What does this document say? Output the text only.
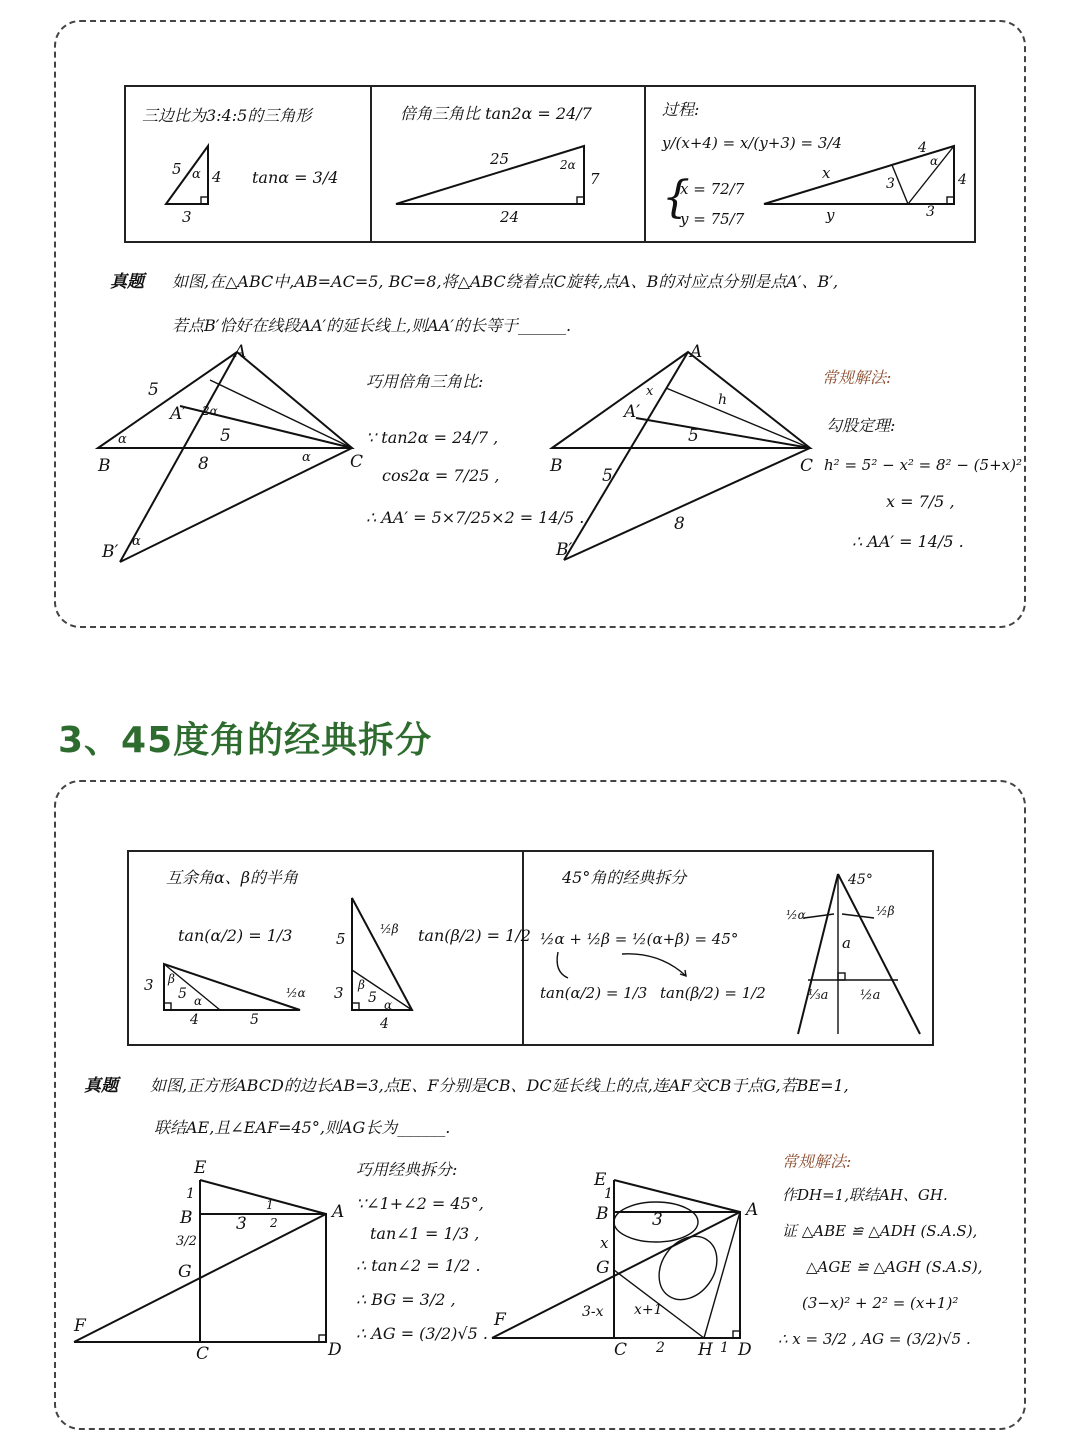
三边比为3:4:5的三角形
5 α 4
3
tanα = 3/4
倍角三角比 tan2α = 24/7
25	2α
7
24
过程:
y/(x+4) = x/(y+3) = 3/4
{
x = 72/7
y = 75/7
x
4
α
3	4
y	3
真题 如图,在△ABC中,AB=AC=5, BC=8,将△ABC绕着点C旋转,点A、B的对应点分别是点A′、B′,
若点B′恰好在线段AA′的延长线上,则AA′的长等于______.
A
B	C
A′
B′
5
8
5
α
2α
α
α
巧用倍角三角比:
∵ tan2α = 24/7 ,
cos2α = 7/25 ,
∴ AA′ = 5×7/25×2 = 14/5 .
A
B	C
A′
B′
x
h
5
5
8
常规解法:
勾股定理:
h² = 5² − x² = 8² − (5+x)²
x = 7/5 ,
∴ AA′ = 14/5 .
3、45度角的经典拆分
互余角α、β的半角
tan(α/2) = 1/3
3 β
5 α
4	5
½α
5
½β
3 β
5 α
4
tan(β/2) = 1/2
45°角的经典拆分
½α + ½β = ½(α+β) = 45°
tan(α/2) = 1/3 tan(β/2) = 1/2
45°
½α	½β
a
⅓a ½a
真题 如图,正方形ABCD的边长AB=3,点E、F分别是CB、DC延长线上的点,连AF交CB于点G,若BE=1,
联结AE,且∠EAF=45°,则AG长为______.
E
B
G
F
C	D
A
1
3
3/2
1
2
巧用经典拆分:
∵∠1+∠2 = 45°,
tan∠1 = 1/3 ,
∴ tan∠2 = 1/2 .
∴ BG = 3/2 ,
∴ AG = (3/2)√5 .
E
B
G
F
C	D
A
H
1
3
x
3-x x+1
2	1
常规解法:
作DH=1,联结AH、GH.
证 △ABE ≌ △ADH (S.A.S),
△AGE ≌ △AGH (S.A.S),
(3−x)² + 2² = (x+1)²
∴ x = 3/2 , AG = (3/2)√5 .
